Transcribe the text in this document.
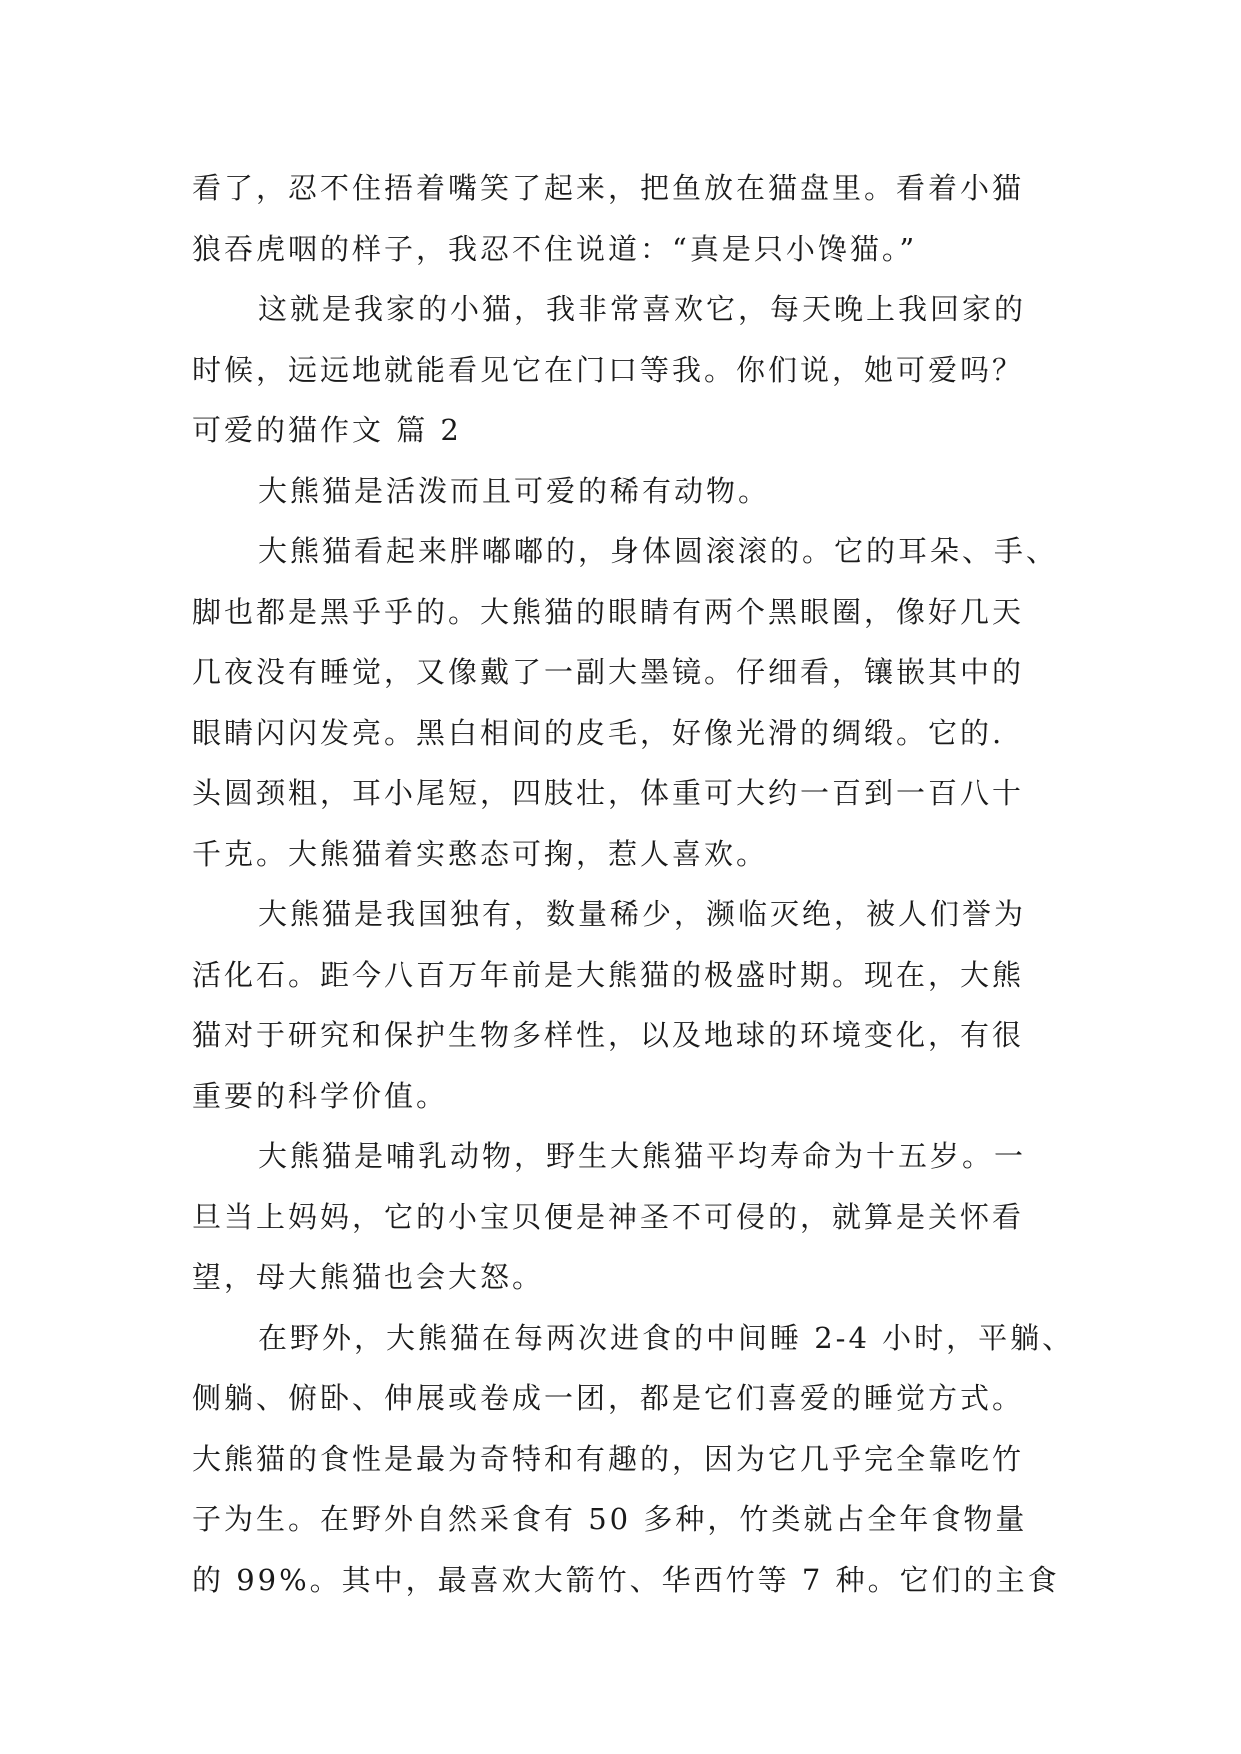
看了，忍不住捂着嘴笑了起来，把鱼放在猫盘里。看着小猫
狼吞虎咽的样子，我忍不住说道：“真是只小馋猫。”
这就是我家的小猫，我非常喜欢它，每天晚上我回家的
时候，远远地就能看见它在门口等我。你们说，她可爱吗？
可爱的猫作文 篇 2
大熊猫是活泼而且可爱的稀有动物。
大熊猫看起来胖嘟嘟的，身体圆滚滚的。它的耳朵、手、
脚也都是黑乎乎的。大熊猫的眼睛有两个黑眼圈，像好几天
几夜没有睡觉，又像戴了一副大墨镜。仔细看，镶嵌其中的
眼睛闪闪发亮。黑白相间的皮毛，好像光滑的绸缎。它的.
头圆颈粗，耳小尾短，四肢壮，体重可大约一百到一百八十
千克。大熊猫着实憨态可掬，惹人喜欢。
大熊猫是我国独有，数量稀少，濒临灭绝，被人们誉为
活化石。距今八百万年前是大熊猫的极盛时期。现在，大熊
猫对于研究和保护生物多样性，以及地球的环境变化，有很
重要的科学价值。
大熊猫是哺乳动物，野生大熊猫平均寿命为十五岁。一
旦当上妈妈，它的小宝贝便是神圣不可侵的，就算是关怀看
望，母大熊猫也会大怒。
在野外，大熊猫在每两次进食的中间睡 2-4 小时，平躺、
侧躺、俯卧、伸展或卷成一团，都是它们喜爱的睡觉方式。
大熊猫的食性是最为奇特和有趣的，因为它几乎完全靠吃竹
子为生。在野外自然采食有 50 多种，竹类就占全年食物量
的 99%。其中，最喜欢大箭竹、华西竹等 7 种。它们的主食
